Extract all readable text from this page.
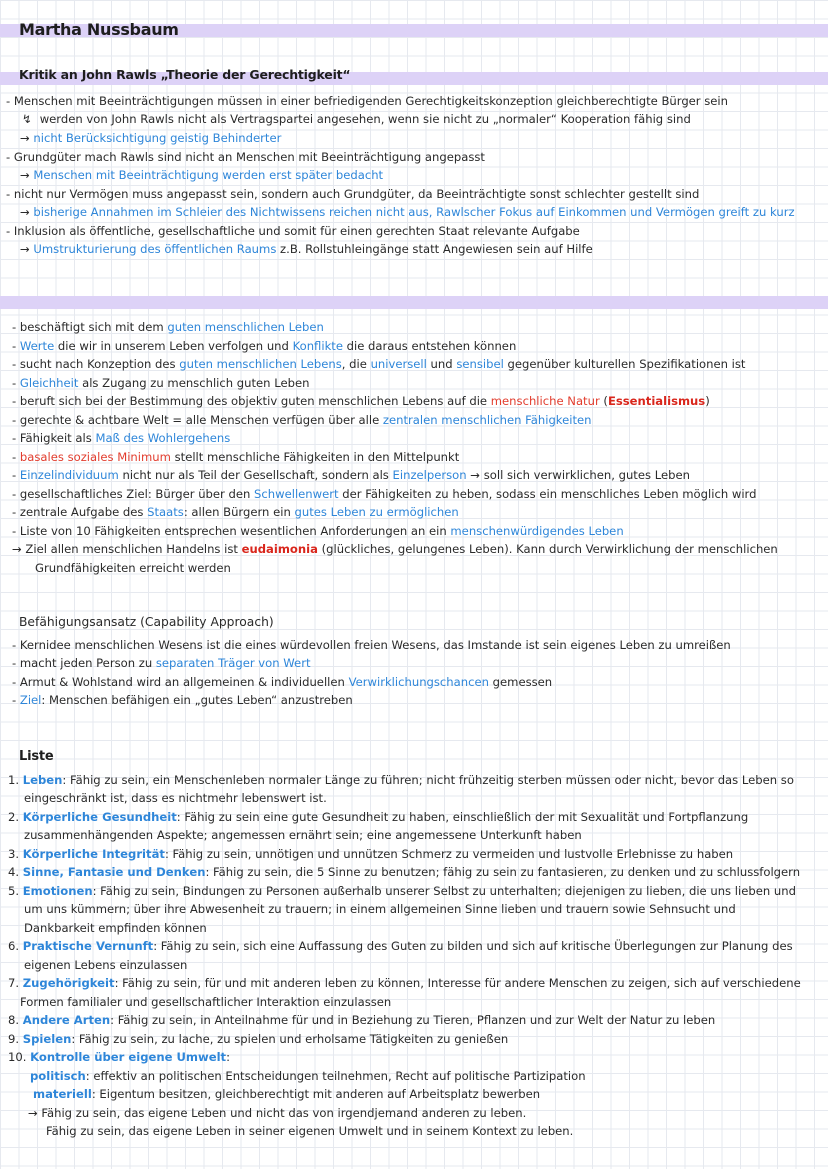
Martha Nussbaum
Kritik an John Rawls „Theorie der Gerechtigkeit“
- Menschen mit Beeinträchtigungen müssen in einer befriedigenden Gerechtigkeitskonzeption gleichberechtigte Bürger sein
↯ werden von John Rawls nicht als Vertragspartei angesehen, wenn sie nicht zu „normaler“ Kooperation fähig sind
→ nicht Berücksichtigung geistig Behinderter
- Grundgüter mach Rawls sind nicht an Menschen mit Beeinträchtigung angepasst
→ Menschen mit Beeinträchtigung werden erst später bedacht
- nicht nur Vermögen muss angepasst sein, sondern auch Grundgüter, da Beeinträchtigte sonst schlechter gestellt sind
→ bisherige Annahmen im Schleier des Nichtwissens reichen nicht aus, Rawlscher Fokus auf Einkommen und Vermögen greift zu kurz
- Inklusion als öffentliche, gesellschaftliche und somit für einen gerechten Staat relevante Aufgabe
→ Umstrukturierung des öffentlichen Raums z.B. Rollstuhleingänge statt Angewiesen sein auf Hilfe
- beschäftigt sich mit dem guten menschlichen Leben
- Werte die wir in unserem Leben verfolgen und Konflikte die daraus entstehen können
- sucht nach Konzeption des guten menschlichen Lebens, die universell und sensibel gegenüber kulturellen Spezifikationen ist
- Gleichheit als Zugang zu menschlich guten Leben
- beruft sich bei der Bestimmung des objektiv guten menschlichen Lebens auf die menschliche Natur (Essentialismus)
- gerechte & achtbare Welt = alle Menschen verfügen über alle zentralen menschlichen Fähigkeiten
- Fähigkeit als Maß des Wohlergehens
- basales soziales Minimum stellt menschliche Fähigkeiten in den Mittelpunkt
- Einzelindividuum nicht nur als Teil der Gesellschaft, sondern als Einzelperson → soll sich verwirklichen, gutes Leben
- gesellschaftliches Ziel: Bürger über den Schwellenwert der Fähigkeiten zu heben, sodass ein menschliches Leben möglich wird
- zentrale Aufgabe des Staats: allen Bürgern ein gutes Leben zu ermöglichen
- Liste von 10 Fähigkeiten entsprechen wesentlichen Anforderungen an ein menschenwürdigendes Leben
→ Ziel allen menschlichen Handelns ist eudaimonia (glückliches, gelungenes Leben). Kann durch Verwirklichung der menschlichen
Grundfähigkeiten erreicht werden
Befähigungsansatz (Capability Approach)
- Kernidee menschlichen Wesens ist die eines würdevollen freien Wesens, das Imstande ist sein eigenes Leben zu umreißen
- macht jeden Person zu separaten Träger von Wert
- Armut & Wohlstand wird an allgemeinen & individuellen Verwirklichungschancen gemessen
- Ziel: Menschen befähigen ein „gutes Leben“ anzustreben
Liste
1. Leben: Fähig zu sein, ein Menschenleben normaler Länge zu führen; nicht frühzeitig sterben müssen oder nicht, bevor das Leben so
eingeschränkt ist, dass es nichtmehr lebenswert ist.
2. Körperliche Gesundheit: Fähig zu sein eine gute Gesundheit zu haben, einschließlich der mit Sexualität und Fortpflanzung
zusammenhängenden Aspekte; angemessen ernährt sein; eine angemessene Unterkunft haben
3. Körperliche Integrität: Fähig zu sein, unnötigen und unnützen Schmerz zu vermeiden und lustvolle Erlebnisse zu haben
4. Sinne, Fantasie und Denken: Fähig zu sein, die 5 Sinne zu benutzen; fähig zu sein zu fantasieren, zu denken und zu schlussfolgern
5. Emotionen: Fähig zu sein, Bindungen zu Personen außerhalb unserer Selbst zu unterhalten; diejenigen zu lieben, die uns lieben und
um uns kümmern; über ihre Abwesenheit zu trauern; in einem allgemeinen Sinne lieben und trauern sowie Sehnsucht und
Dankbarkeit empfinden können
6. Praktische Vernunft: Fähig zu sein, sich eine Auffassung des Guten zu bilden und sich auf kritische Überlegungen zur Planung des
eigenen Lebens einzulassen
7. Zugehörigkeit: Fähig zu sein, für und mit anderen leben zu können, Interesse für andere Menschen zu zeigen, sich auf verschiedene
Formen familialer und gesellschaftlicher Interaktion einzulassen
8. Andere Arten: Fähig zu sein, in Anteilnahme für und in Beziehung zu Tieren, Pflanzen und zur Welt der Natur zu leben
9. Spielen: Fähig zu sein, zu lache, zu spielen und erholsame Tätigkeiten zu genießen
10. Kontrolle über eigene Umwelt:
politisch: effektiv an politischen Entscheidungen teilnehmen, Recht auf politische Partizipation
materiell: Eigentum besitzen, gleichberechtigt mit anderen auf Arbeitsplatz bewerben
→ Fähig zu sein, das eigene Leben und nicht das von irgendjemand anderen zu leben.
Fähig zu sein, das eigene Leben in seiner eigenen Umwelt und in seinem Kontext zu leben.
